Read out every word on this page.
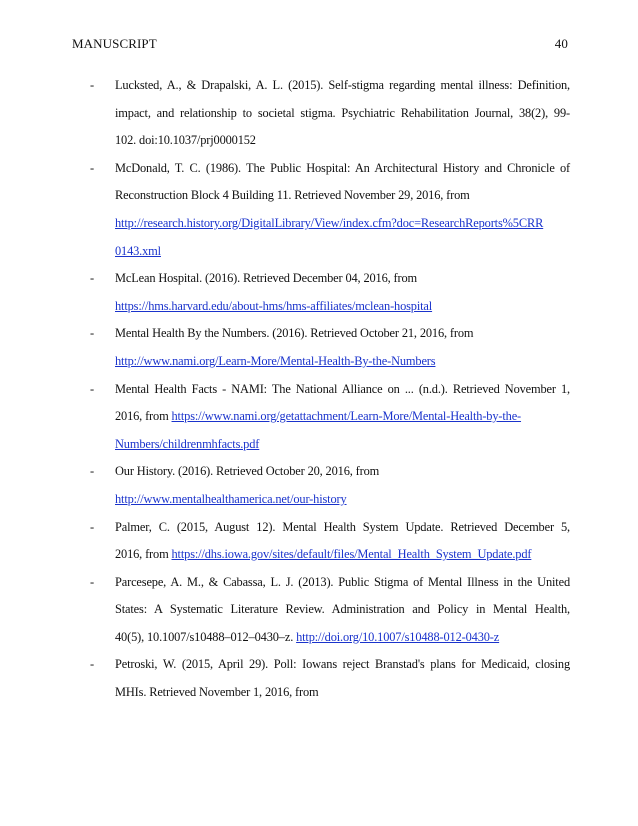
MANUSCRIPT	40
- Lucksted, A., & Drapalski, A. L. (2015). Self-stigma regarding mental illness: Definition,
impact, and relationship to societal stigma. Psychiatric Rehabilitation Journal, 38(2), 99-
102. doi:10.1037/prj0000152
- McDonald, T. C. (1986). The Public Hospital: An Architectural History and Chronicle of
Reconstruction Block 4 Building 11. Retrieved November 29, 2016, from
http://research.history.org/DigitalLibrary/View/index.cfm?doc=ResearchReports%5CRR
0143.xml
- McLean Hospital. (2016). Retrieved December 04, 2016, from
https://hms.harvard.edu/about-hms/hms-affiliates/mclean-hospital
- Mental Health By the Numbers. (2016). Retrieved October 21, 2016, from
http://www.nami.org/Learn-More/Mental-Health-By-the-Numbers
- Mental Health Facts - NAMI: The National Alliance on ... (n.d.). Retrieved November 1,
2016, from https://www.nami.org/getattachment/Learn-More/Mental-Health-by-the-
Numbers/childrenmhfacts.pdf
- Our History. (2016). Retrieved October 20, 2016, from
http://www.mentalhealthamerica.net/our-history
- Palmer, C. (2015, August 12). Mental Health System Update. Retrieved December 5,
2016, from https://dhs.iowa.gov/sites/default/files/Mental_Health_System_Update.pdf
- Parcesepe, A. M., & Cabassa, L. J. (2013). Public Stigma of Mental Illness in the United
States: A Systematic Literature Review. Administration and Policy in Mental Health,
40(5), 10.1007/s10488–012–0430–z. http://doi.org/10.1007/s10488-012-0430-z
- Petroski, W. (2015, April 29). Poll: Iowans reject Branstad's plans for Medicaid, closing
MHIs. Retrieved November 1, 2016, from
